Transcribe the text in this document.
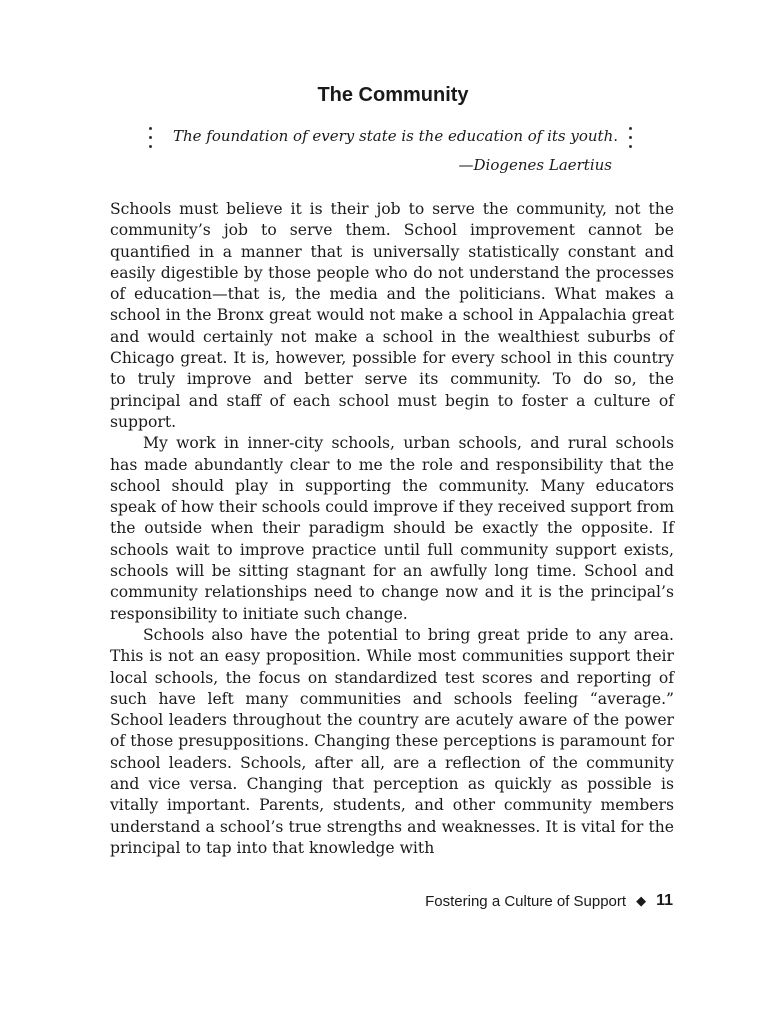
The Community
The foundation of every state is the education of its youth.
—Diogenes Laertius

Schools must believe it is their job to serve the community, not the community’s job to serve them. School improvement cannot be quantified in a manner that is universally statistically constant and easily digestible by those people who do not understand the processes of education—that is, the media and the politicians. What makes a school in the Bronx great would not make a school in Appalachia great and would certainly not make a school in the wealthiest suburbs of Chicago great. It is, however, possible for every school in this country to truly improve and better serve its community. To do so, the principal and staff of each school must begin to foster a culture of support.

My work in inner-city schools, urban schools, and rural schools has made abundantly clear to me the role and responsibility that the school should play in supporting the community. Many educators speak of how their schools could improve if they received support from the outside when their paradigm should be exactly the opposite. If schools wait to improve practice until full community support exists, schools will be sitting stagnant for an awfully long time. School and community relationships need to change now and it is the principal’s responsibility to initiate such change.

Schools also have the potential to bring great pride to any area. This is not an easy proposition. While most communities support their local schools, the focus on standardized test scores and reporting of such have left many communities and schools feeling “average.” School leaders throughout the country are acutely aware of the power of those presuppositions. Changing these perceptions is paramount for school leaders. Schools, after all, are a reflection of the community and vice versa. Changing that perception as quickly as possible is vitally important. Parents, students, and other community members understand a school’s true strengths and weaknesses. It is vital for the principal to tap into that knowledge with

Fostering a Culture of Support ◆ 11
